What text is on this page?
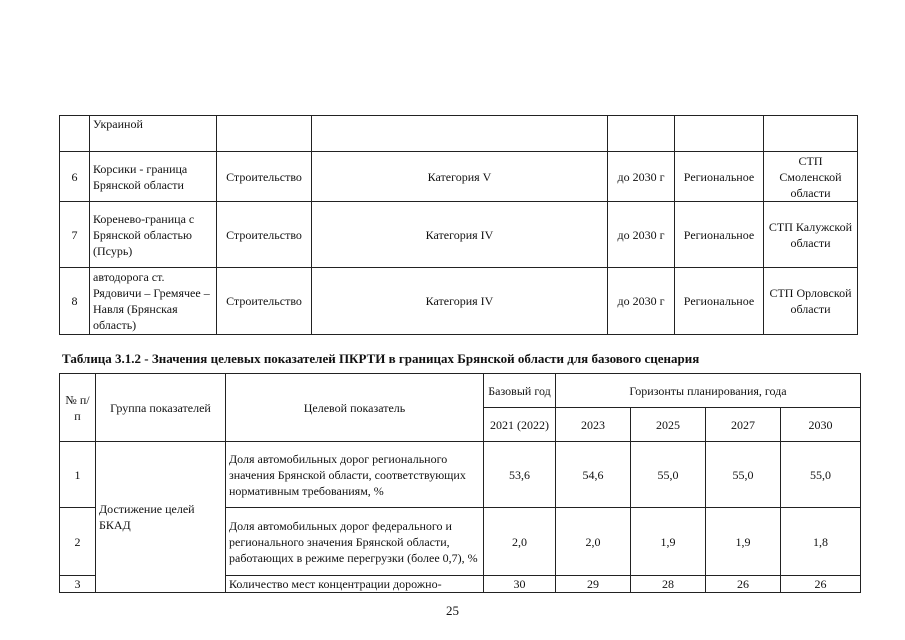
	Украиной					
6	Корсики - граница Брянской области	Строительство	Категория V	до 2030 г	Региональное	СТП Смоленской области
7	Коренево-граница с Брянской областью (Псурь)	Строительство	Категория IV	до 2030 г	Региональное	СТП Калужской области
8	автодорога ст. Рядовичи – Гремячее – Навля (Брянская область)	Строительство	Категория IV	до 2030 г	Региональное	СТП Орловской области
Таблица 3.1.2 - Значения целевых показателей ПКРТИ в границах Брянской области для базового сценария
№ п/п	Группа показателей	Целевой показатель	Базовый год	Горизонты планирования, года			
			2021 (2022)	2023	2025	2027	2030
1	Достижение целей БКАД	Доля автомобильных дорог регионального значения Брянской области, соответствующих нормативным требованиям, %	53,6	54,6	55,0	55,0	55,0
2		Доля автомобильных дорог федерального и регионального значения Брянской области, работающих в режиме перегрузки (более 0,7), %	2,0	2,0	1,9	1,9	1,8
3		Количество мест концентрации дорожно-	30	29	28	26	26
25
